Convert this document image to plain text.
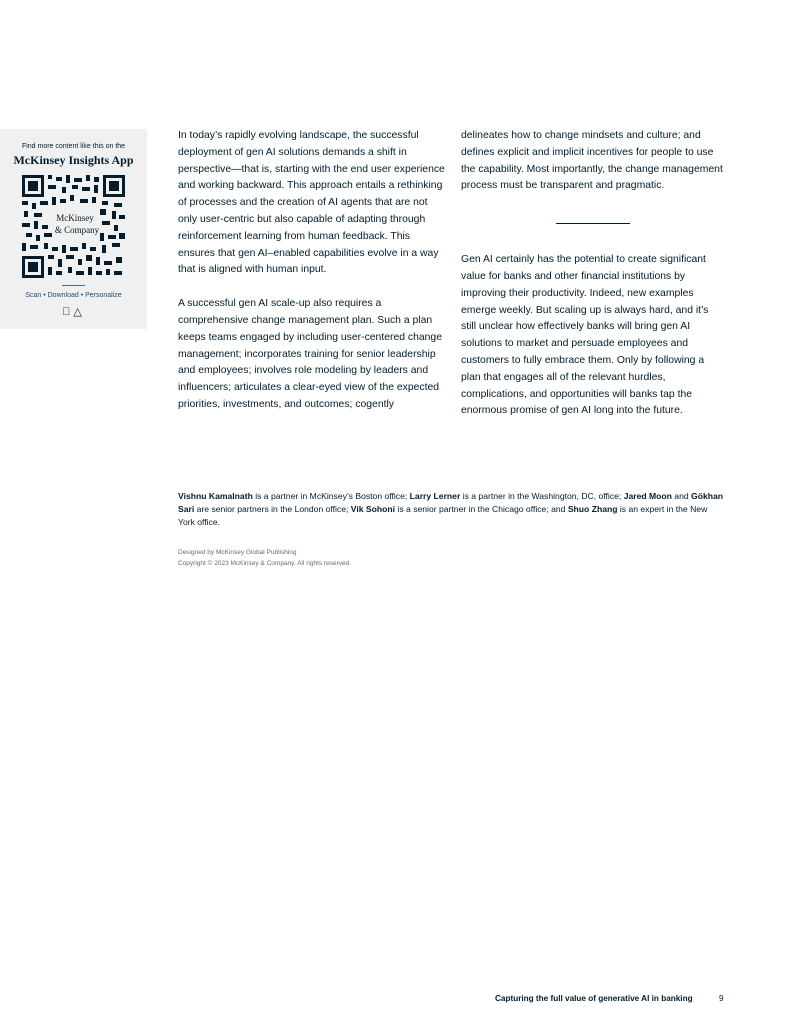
Find more content like this on the
McKinsey Insights App
McKinsey
& Company
Scan • Download • Personalize
△

In today’s rapidly evolving landscape, the successful deployment of gen AI solutions demands a shift in perspective—that is, starting with the end user experience and working backward. This approach entails a rethinking of processes and the creation of AI agents that are not only user-centric but also capable of adapting through reinforcement learning from human feedback. This ensures that gen AI–enabled capabilities evolve in a way that is aligned with human input.

A successful gen AI scale-up also requires a comprehensive change management plan. Such a plan keeps teams engaged by including user-centered change management; incorporates training for senior leadership and employees; involves role modeling by leaders and influencers; articulates a clear-eyed view of the expected priorities, investments, and outcomes; cogently

delineates how to change mindsets and culture; and defines explicit and implicit incentives for people to use the capability. Most importantly, the change management process must be transparent and pragmatic.

Gen AI certainly has the potential to create significant value for banks and other financial institutions by improving their productivity. Indeed, new examples emerge weekly. But scaling up is always hard, and it’s still unclear how effectively banks will bring gen AI solutions to market and persuade employees and customers to fully embrace them. Only by following a plan that engages all of the relevant hurdles, complications, and opportunities will banks tap the enormous promise of gen AI long into the future.

Vishnu Kamalnath is a partner in McKinsey’s Boston office; Larry Lerner is a partner in the Washington, DC, office; Jared Moon and Gökhan Sari are senior partners in the London office; Vik Sohoni is a senior partner in the Chicago office; and Shuo Zhang is an expert in the New York office.
Designed by McKinsey Global Publishing
Copyright © 2023 McKinsey & Company. All rights reserved.
Capturing the full value of generative AI in banking	9
